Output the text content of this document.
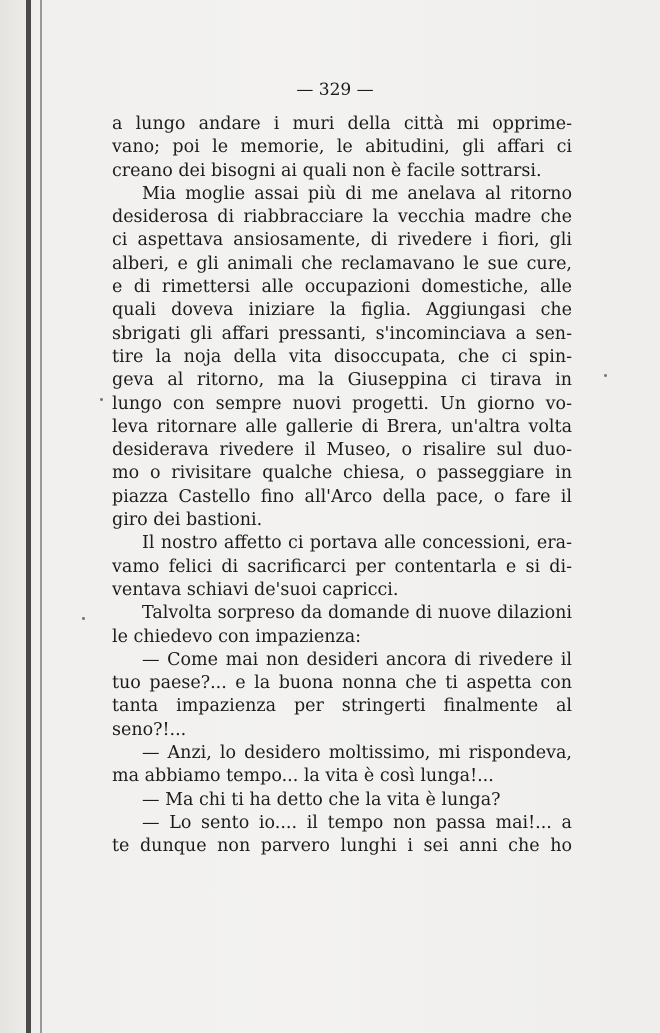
— 329 —
a lungo andare i muri della città mi opprime-
vano; poi le memorie, le abitudini, gli affari ci
creano dei bisogni ai quali non è facile sottrarsi.
Mia moglie assai più di me anelava al ritorno
desiderosa di riabbracciare la vecchia madre che
ci aspettava ansiosamente, di rivedere i fiori, gli
alberi, e gli animali che reclamavano le sue cure,
e di rimettersi alle occupazioni domestiche, alle
quali doveva iniziare la figlia. Aggiungasi che
sbrigati gli affari pressanti, s'incominciava a sen-
tire la noja della vita disoccupata, che ci spin-
geva al ritorno, ma la Giuseppina ci tirava in
lungo con sempre nuovi progetti. Un giorno vo-
leva ritornare alle gallerie di Brera, un'altra volta
desiderava rivedere il Museo, o risalire sul duo-
mo o rivisitare qualche chiesa, o passeggiare in
piazza Castello fino all'Arco della pace, o fare il
giro dei bastioni.
Il nostro affetto ci portava alle concessioni, era-
vamo felici di sacrificarci per contentarla e si di-
ventava schiavi de'suoi capricci.
Talvolta sorpreso da domande di nuove dilazioni
le chiedevo con impazienza:
— Come mai non desideri ancora di rivedere il
tuo paese?... e la buona nonna che ti aspetta con
tanta impazienza per stringerti finalmente al
seno?!...
— Anzi, lo desidero moltissimo, mi rispondeva,
ma abbiamo tempo... la vita è così lunga!...
— Ma chi ti ha detto che la vita è lunga?
— Lo sento io.... il tempo non passa mai!... a
te dunque non parvero lunghi i sei anni che ho
